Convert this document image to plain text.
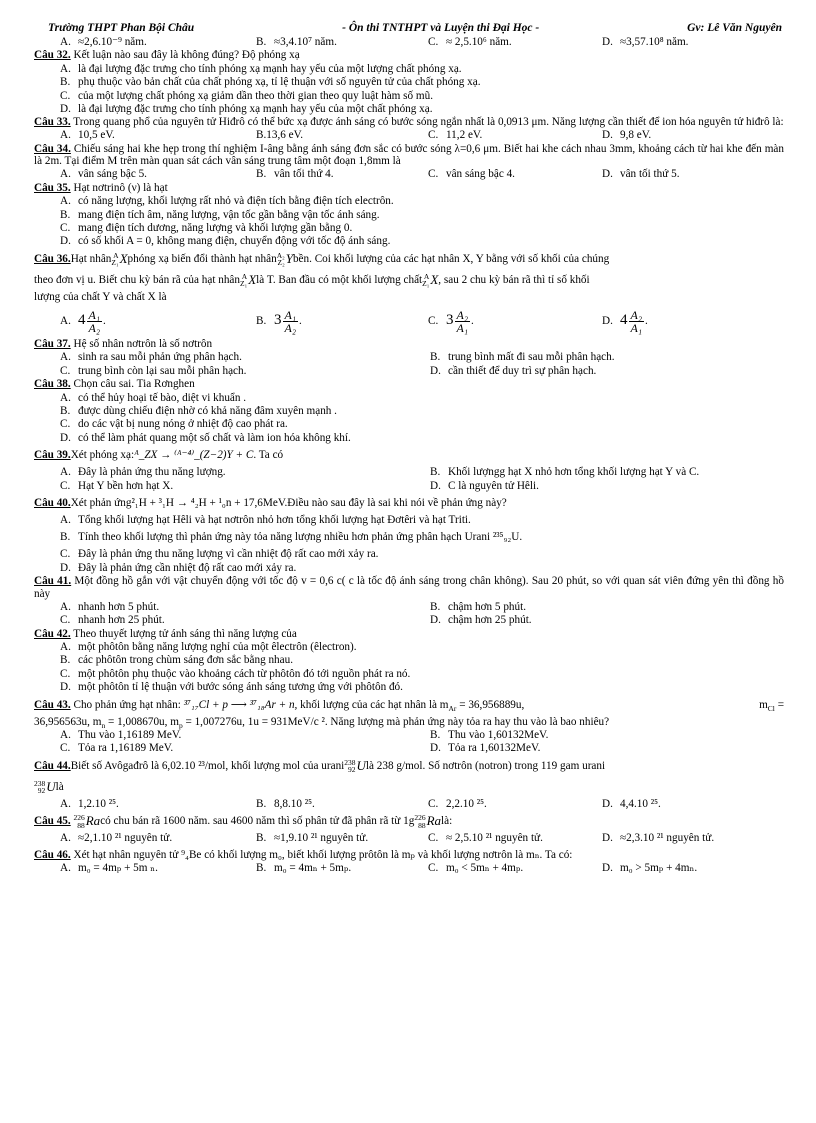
Trường THPT Phan Bội Châu	- Ôn thi TNTHPT và Luyện thi Đại Học -	Gv: Lê Văn Nguyên
A. ≈2,6.10⁻⁹ năm.	B. ≈3,4.10⁷ năm.	C. ≈ 2,5.10⁶ năm.	D. ≈3,57.10⁸ năm.
Câu 32. Kết luận nào sau đây là không đúng? Độ phóng xạ
A. là đại lượng đặc trưng cho tính phóng xạ mạnh hay yếu của một lượng chất phóng xạ.
B. phụ thuộc vào bản chất của chất phóng xạ, tỉ lệ thuận với số nguyên tử của chất phóng xạ.
C. của một lượng chất phóng xạ giảm dần theo thời gian theo quy luật hàm số mũ.
D. là đại lượng đặc trưng cho tính phóng xạ mạnh hay yếu của một chất phóng xạ.
Câu 33. Trong quang phổ của nguyên tử Hiđrô có thể bức xạ được ánh sáng có bước sóng ngắn nhất là 0,0913 μm. Năng lượng cần thiết để ion hóa nguyên tử hiđrô là:
A. 10,5 eV.	B.13,6 eV.	C. 11,2 eV.	D. 9,8 eV.
Câu 34. Chiếu sáng hai khe hẹp trong thí nghiệm I-âng bằng ánh sáng đơn sắc có bước sóng λ=0,6 μm. Biết hai khe cách nhau 3mm, khoảng cách từ hai khe đến màn là 2m. Tại điểm M trên màn quan sát cách vân sáng trung tâm một đoạn 1,8mm là
A. vân sáng bậc 5.	B. vân tối thứ 4.	C. vân sáng bậc 4.	D. vân tối thứ 5.
Câu 35. Hạt nơtrinô (ν) là hạt
A. có năng lượng, khối lượng rất nhỏ và điện tích bằng điện tích electrôn.
B. mang điện tích âm, năng lượng, vận tốc gần bằng vận tốc ánh sáng.
C. mang điện tích dương, năng lượng và khối lượng gần bằng 0.
D. có số khối A = 0, không mang điện, chuyển động với tốc độ ánh sáng.
Câu 36. Hạt nhân A
Z₁ X phóng xạ biến đổi thành hạt nhân A₂
Z₂ Y bền. Coi khối lượng của các hạt nhân X, Y bằng với số khối của chúng
theo đơn vị u. Biết chu kỳ bán rã của hạt nhân A
Z₁ X là T. Ban đầu có một khối lượng chất A
Z₁ X , sau 2 chu kỳ bán rã thì tỉ số khối
lượng của chất Y và chất X là
A. $4 \frac{\text{A₁}}{\text{A₂}}$ .	B. $3 \frac{\text{A₁}}{\text{A₂}}$ .	C. $3 \frac{\text{A₂}}{\text{A₁}}$ .	D. $4 \frac{\text{A₂}}{\text{A₁}}$ .
Câu 37. Hệ số nhân nơtrôn là số nơtrôn
A. sinh ra sau mỗi phản ứng phân hạch.	B. trung bình mất đi sau mỗi phân hạch.
C. trung bình còn lại sau mỗi phân hạch.	D. cần thiết để duy trì sự phân hạch.
Câu 38. Chọn câu sai. Tia Rơnghen
A. có thể hủy hoại tế bào, diệt vi khuẩn .
B. được dùng chiếu điện nhờ có khả năng đâm xuyên mạnh .
C. do các vật bị nung nóng ở nhiệt độ cao phát ra.
D. có thể làm phát quang một số chất và làm ion hóa không khí.
Câu 39. Xét phóng xạ: ᴬ_ZX → ⁽ᴬ⁻⁴⁾_(Z−2)Y + C . Ta có
A. Đây là phản ứng thu năng lượng.	B. Khối lượngg hạt X nhỏ hơn tổng khối lượng hạt Y và C.
C. Hạt Y bền hơn hạt X.	D. C là nguyên tử Hêli.
Câu 40. Xét phản ứng ²₁H + ³₁H → ⁴₂H + ¹₀n + 17,6MeV. Điều nào sau đây là sai khi nói về phản ứng này?
A. Tổng khối lượng hạt Hêli và hạt nơtrôn nhỏ hơn tổng khối lượng hạt Đơtêri và hạt Triti.
B. Tính theo khối lượng thì phản ứng này tỏa năng lượng nhiều hơn phản ứng phân hạch Urani ²³⁵₉₂U.
C. Đây là phản ứng thu năng lượng vì cần nhiệt độ rất cao mới xảy ra.
D. Đây là phản ứng cần nhiệt độ rất cao mới xảy ra.
Câu 41. Một đồng hồ gắn với vật chuyển động với tốc độ v = 0,6 c( c là tốc độ ánh sáng trong chân không). Sau 20 phút, so với quan sát viên đứng yên thì đồng hồ này
A. nhanh hơn 5 phút.	B. chậm hơn 5 phút.
C. nhanh hơn 25 phút.	D. chậm hơn 25 phút.
Câu 42. Theo thuyết lượng tử ánh sáng thì năng lượng của
A. một phôtôn bằng năng lượng nghỉ của một êlectrôn (êlectron).
B. các phôtôn trong chùm sáng đơn sắc bằng nhau.
C. một phôtôn phụ thuộc vào khoảng cách từ phôtôn đó tới nguồn phát ra nó.
D. một phôtôn tỉ lệ thuận với bước sóng ánh sáng tương ứng với phôtôn đó.
Câu 43. Cho phản ứng hạt nhân: ³⁷₁₇Cl + p ⟶ ³⁷₁₈Ar + n, khối lượng của các hạt nhân là $m_{Ar} = 36,956889u$,	$m_{Cl}$ =
36,956563u, $m_n = 1,008670u$, $m_p = 1,007276u$, 1u = 931MeV/c ². Năng lượng mà phản ứng này tỏa ra hay thu vào là bao nhiêu?
A. Thu vào 1,16189 MeV.	B. Thu vào 1,60132MeV.
C. Tỏa ra 1,16189 MeV.	D. Tỏa ra 1,60132MeV.
Câu 44. Biết số Avôgađrô là 6,02.10 ²³/mol, khối lượng mol của urani 238
92 U là 238 g/mol. Số nơtrôn (notron) trong 119 gam urani
238
92 U là
A. 1,2.10 ²⁵.	B. 8,8.10 ²⁵.	C. 2,2.10 ²⁵.	D. 4,4.10 ²⁵.
Câu 45.
226
88 Ra có chu bán rã 1600 năm. sau 4600 năm thì số phân tử đã phân rã từ 1g 226
88 Ra là:
A. ≈2,1.10 ²¹ nguyên tử.	B. ≈1,9.10 ²¹ nguyên tử.	C. ≈ 2,5.10 ²¹ nguyên tử.	D. ≈2,3.10 ²¹ nguyên tử.
Câu 46. Xét hạt nhân nguyên tử ⁹₄Be có khối lượng m₀, biết khối lượng prôtôn là mₚ và khối lượng nơtrôn là mₙ. Ta có:
A. m₀ = 4mₚ + 5m ₙ.	B. m₀ = 4mₙ + 5mₚ.	C. m₀ < 5mₙ + 4mₚ.	D. m₀ > 5mₚ + 4mₙ.
